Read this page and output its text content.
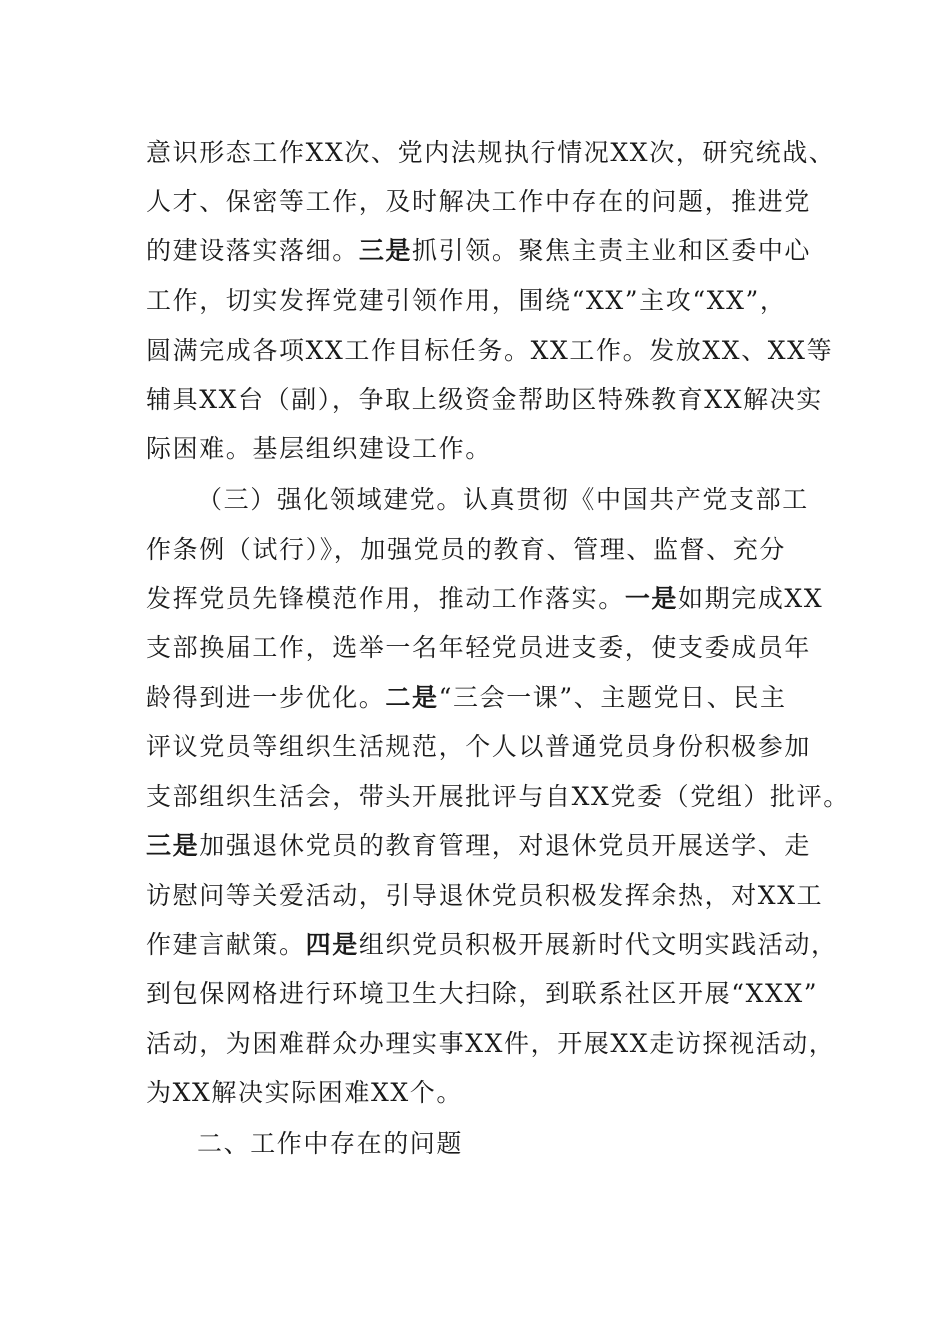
意识形态工作XX次、党内法规执行情况XX次，研究统战、
人才、保密等工作，及时解决工作中存在的问题，推进党
的建设落实落细。三是抓引领。聚焦主责主业和区委中心
工作，切实发挥党建引领作用，围绕“XX”主攻“XX”，
圆满完成各项XX工作目标任务。XX工作。发放XX、XX等
辅具XX台（副），争取上级资金帮助区特殊教育XX解决实
际困难。基层组织建设工作。
（三）强化领域建党。认真贯彻《中国共产党支部工
作条例（试行）》，加强党员的教育、管理、监督、充分
发挥党员先锋模范作用，推动工作落实。一是如期完成XX
支部换届工作，选举一名年轻党员进支委，使支委成员年
龄得到进一步优化。二是“三会一课”、主题党日、民主
评议党员等组织生活规范，个人以普通党员身份积极参加
支部组织生活会，带头开展批评与自XX党委（党组）批评。
三是加强退休党员的教育管理，对退休党员开展送学、走
访慰问等关爱活动，引导退休党员积极发挥余热，对XX工
作建言献策。四是组织党员积极开展新时代文明实践活动，
到包保网格进行环境卫生大扫除，到联系社区开展“XXX”
活动，为困难群众办理实事XX件，开展XX走访探视活动，
为XX解决实际困难XX个。
二、工作中存在的问题
